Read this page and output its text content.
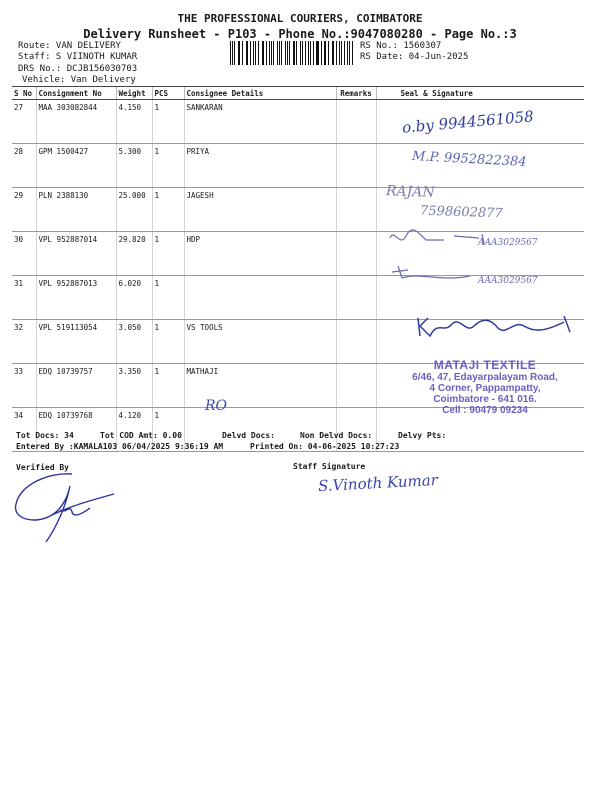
THE PROFESSIONAL COURIERS, COIMBATORE
Delivery Runsheet - P103 - Phone No.:9047080280 - Page No.:3
Route: VAN DELIVERY
Staff: S VIINOTH KUMAR
DRS No.: DCJB156030703
Vehicle: Van Delivery
RS No.: 1560307
RS Date: 04-Jun-2025
S No	Consignment No	Weight	PCS	Consignee Details	Remarks	Seal & Signature
27	MAA 303082844	4.150	1	SANKARAN		
28	GPM 1500427	5.300	1	PRIYA		
29	PLN 2388130	25.000	1	JAGESH		
30	VPL 952887014	29.820	1	HDP		
31	VPL 952887013	6.020	1			
32	VPL 519113054	3.050	1	VS TOOLS		
33	EDQ 10739757	3.350	1	MATHAJI		
34	EDQ 10739768	4.120	1			
o.by 9944561058
M.P. 9952822384
RAJAN
7598602877
AAA3029567
AAA3029567
RO
MATAJI TEXTILE
6/46, 47, Edayarpalayam Road,
4 Corner, Pappampatty,
Coimbatore - 641 016.
Cell : 90479 09234
Tot Docs: 34	Tot COD Amt: 0.00	Delvd Docs:	Non Delvd Docs:	Delvy Pts:
Entered By :KAMALA103 06/04/2025 9:36:19 AM	Printed On: 04-06-2025 10:27:23
Verified By	Staff Signature
S.Vinoth Kumar
